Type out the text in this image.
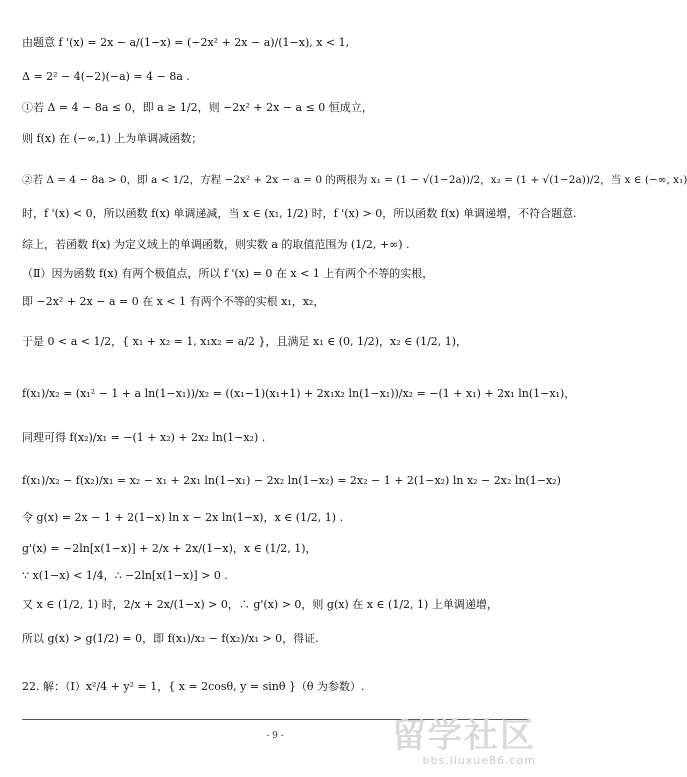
由题意 f '(x) = 2x − a/(1−x) = (−2x² + 2x − a)/(1−x), x < 1,
Δ = 2² − 4(−2)(−a) = 4 − 8a .
①若 Δ = 4 − 8a ≤ 0，即 a ≥ 1/2，则 −2x² + 2x − a ≤ 0 恒成立，
则 f(x) 在 (−∞,1) 上为单调减函数；
②若 Δ = 4 − 8a > 0，即 a < 1/2，方程 −2x² + 2x − a = 0 的两根为 x₁ = (1 − √(1−2a))/2，x₂ = (1 + √(1−2a))/2，当 x ∈ (−∞, x₁)
时，f '(x) < 0，所以函数 f(x) 单调递减，当 x ∈ (x₁, 1/2) 时，f '(x) > 0，所以函数 f(x) 单调递增，不符合题意.
综上，若函数 f(x) 为定义域上的单调函数，则实数 a 的取值范围为 (1/2, +∞) .
（Ⅱ）因为函数 f(x) 有两个极值点，所以 f '(x) = 0 在 x < 1 上有两个不等的实根，
即 −2x² + 2x − a = 0 在 x < 1 有两个不等的实根 x₁，x₂，
于是 0 < a < 1/2，{ x₁ + x₂ = 1, x₁x₂ = a/2 }，且满足 x₁ ∈ (0, 1/2)，x₂ ∈ (1/2, 1)，
f(x₁)/x₂ = (x₁² − 1 + a ln(1−x₁))/x₂ = ((x₁−1)(x₁+1) + 2x₁x₂ ln(1−x₁))/x₂ = −(1 + x₁) + 2x₁ ln(1−x₁)，
同理可得 f(x₂)/x₁ = −(1 + x₂) + 2x₂ ln(1−x₂) .
f(x₁)/x₂ − f(x₂)/x₁ = x₂ − x₁ + 2x₁ ln(1−x₁) − 2x₂ ln(1−x₂) = 2x₂ − 1 + 2(1−x₂) ln x₂ − 2x₂ ln(1−x₂)
令 g(x) = 2x − 1 + 2(1−x) ln x − 2x ln(1−x)，x ∈ (1/2, 1) .
g'(x) = −2ln[x(1−x)] + 2/x + 2x/(1−x)，x ∈ (1/2, 1)，
∵ x(1−x) < 1/4，∴ −2ln[x(1−x)] > 0 .
又 x ∈ (1/2, 1) 时，2/x + 2x/(1−x) > 0，∴ g'(x) > 0，则 g(x) 在 x ∈ (1/2, 1) 上单调递增，
所以 g(x) > g(1/2) = 0，即 f(x₁)/x₂ − f(x₂)/x₁ > 0，得证.
22. 解：（Ⅰ）x²/4 + y² = 1，{ x = 2cosθ, y = sinθ }（θ 为参数）.
- 9 -	留学社区
bbs.liuxue86.com
